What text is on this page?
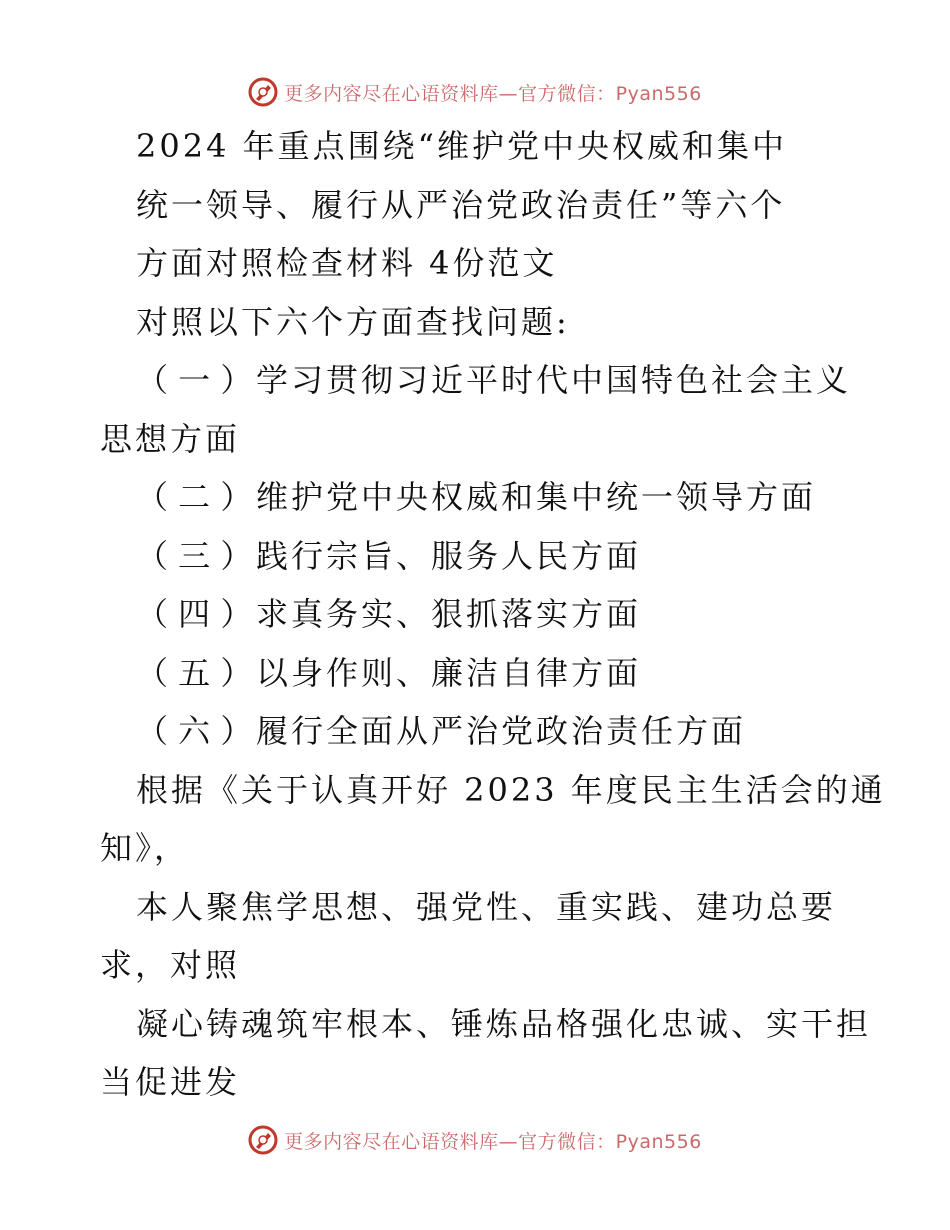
更多内容尽在心语资料库—官方微信：Pyan556
2024 年重点围绕“维护党中央权威和集中
统一领导、履行从严治党政治责任”等六个
方面对照检查材料 4份范文
对照以下六个方面查找问题:
（ 一 ） 学习贯彻习近平时代中国特色社会主义
思想方面
（ 二 ） 维护党中央权威和集中统一领导方面
（ 三 ） 践行宗旨、服务人民方面
（ 四 ） 求真务实、狠抓落实方面
（ 五 ） 以身作则、廉洁自律方面
（ 六 ） 履行全面从严治党政治责任方面
根据《关于认真开好 2023 年度民主生活会的通
知》，
本人聚焦学思想、强党性、重实践、建功总要
求，对照
凝心铸魂筑牢根本、锤炼品格强化忠诚、实干担
当促进发
更多内容尽在心语资料库—官方微信：Pyan556
